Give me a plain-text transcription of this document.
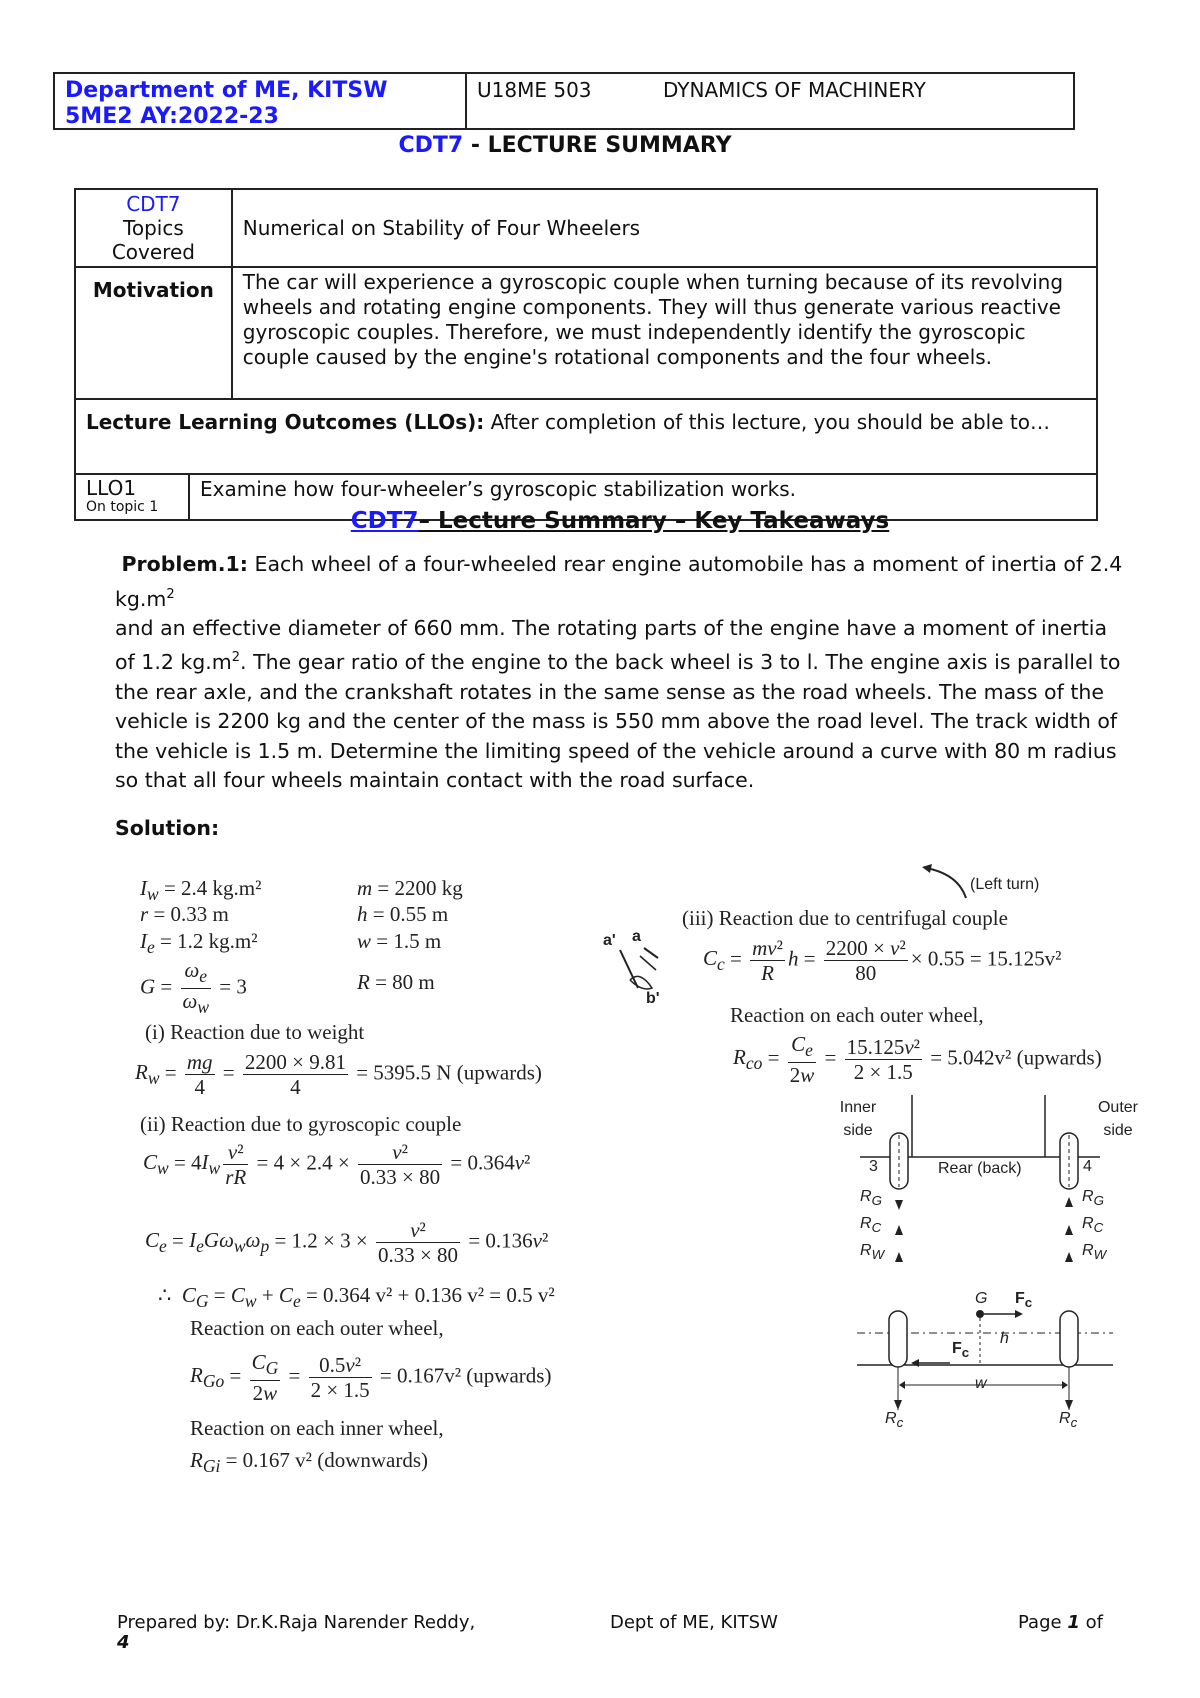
Department of ME, KITSW
5ME2 AY:2022-23
U18ME 503	DYNAMICS OF MACHINERY
CDT7 - LECTURE SUMMARY
CDT7
Topics Covered		Numerical on Stability of Four Wheelers
Motivation		The car will experience a gyroscopic couple when turning because of its revolving wheels and rotating engine components. They will thus generate various reactive gyroscopic couples. Therefore, we must independently identify the gyroscopic couple caused by the engine's rotational components and the four wheels.
Lecture Learning Outcomes (LLOs): After completion of this lecture, you should be able to…		

LLO1
On topic 1	Examine how four-wheeler’s gyroscopic stabilization works.	
CDT7– Lecture Summary – Key Takeaways

Problem.1: Each wheel of a four-wheeled rear engine automobile has a moment of inertia of 2.4 $kg.m^2$

and an effective diameter of 660 mm. The rotating parts of the engine have a moment of inertia of 1.2 $kg.m^2$. The gear ratio of the engine to the back wheel is 3 to l. The engine axis is parallel to the rear axle, and the crankshaft rotates in the same sense as the road wheels. The mass of the vehicle is 2200 kg and the center of the mass is 550 mm above the road level. The track width of the vehicle is 1.5 m. Determine the limiting speed of the vehicle around a curve with 80 m radius so that all four wheels maintain contact with the road surface.

Solution:
$I_w = 2.4$ kg.m²	m = 2200 kg
r = 0.33 m	h = 0.55 m
$I_e = 1.2$ kg.m²	w = 1.5 m
$G = \frac{\omega_e}{\omega_w} = 3$	R = 80 m
(i) Reaction due to weight
$R_w = \frac{mg}{4} = \frac{2200 \times 9.81}{4} = 5395.5$ N (upwards)
(ii) Reaction due to gyroscopic couple
$C_w = 4I_w \frac{\text{v²}}{rR} = 4 \times 2.4 \times \frac{\text{v²}}{0.33 \times 80} = 0.364v^2$
$C_e = I_eG\omega_w\omega_p = 1.2 \times 3 \times \frac{\text{v²}}{0.33 \times 80} = 0.136v^2$
∴  $C_G = C_w + C_e = 0.364$ v² + 0.136 v² = 0.5 v²
Reaction on each outer wheel,
$R_{Go} = \frac{C_G}{2w} = \frac{\text{0.5v²}}{2 \times 1.5} = 0.167v^2$ (upwards)
Reaction on each inner wheel,
$R_{Gi} = 0.167$ v² (downwards)
(iii) Reaction due to centrifugal couple
$C_c = \frac{\text{mv²}}{R}$ $h = \frac{\text{2200 × v²}}{80} \times 0.55 = 15.125v^2$
Reaction on each outer wheel,
$R_{co} = \frac{C_e}{2w} = \frac{\text{15.125v²}}{2 \times 1.5} = 5.042v^2$ (upwards)
a' a
b'
(Left turn)
Inner side
Outer side
3	4
Rear (back)
$R_G$
$R_C$
$R_W$
$R_G$
$R_C$
$R_W$
G $F_c$
$F_c$
h
w
$R_c$	$R_c$
Prepared by: Dr.K.Raja Narender Reddy,
4
Dept of ME, KITSW	Page 1 of
